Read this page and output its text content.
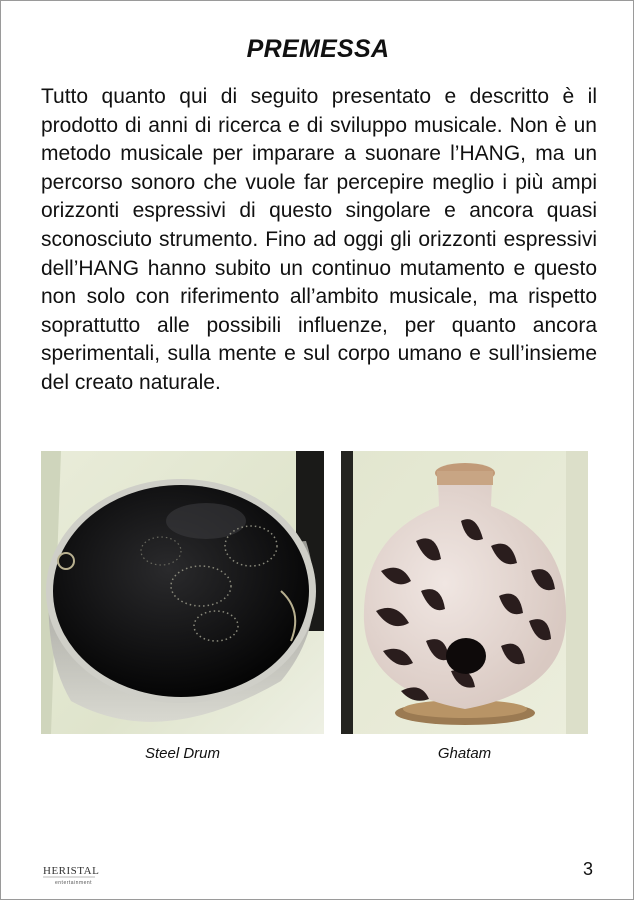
PREMESSA

Tutto quanto qui di seguito presentato e descritto è il prodotto di anni di ricerca e di sviluppo musicale. Non è un metodo musicale per imparare a suonare l’HANG, ma un percorso sonoro che vuole far percepire meglio i più ampi orizzonti espressivi di questo singolare e ancora quasi sconosciuto strumento. Fino ad oggi gli orizzonti espressivi dell’HANG hanno subito un continuo mutamento e questo non solo con riferimento all’ambito musicale, ma rispetto soprattutto alle possibili influenze, per quanto ancora sperimentali, sulla mente e sul corpo umano e sull’insieme del creato naturale.

Steel Drum	Ghatam
HERISTAL
entertainment
3
